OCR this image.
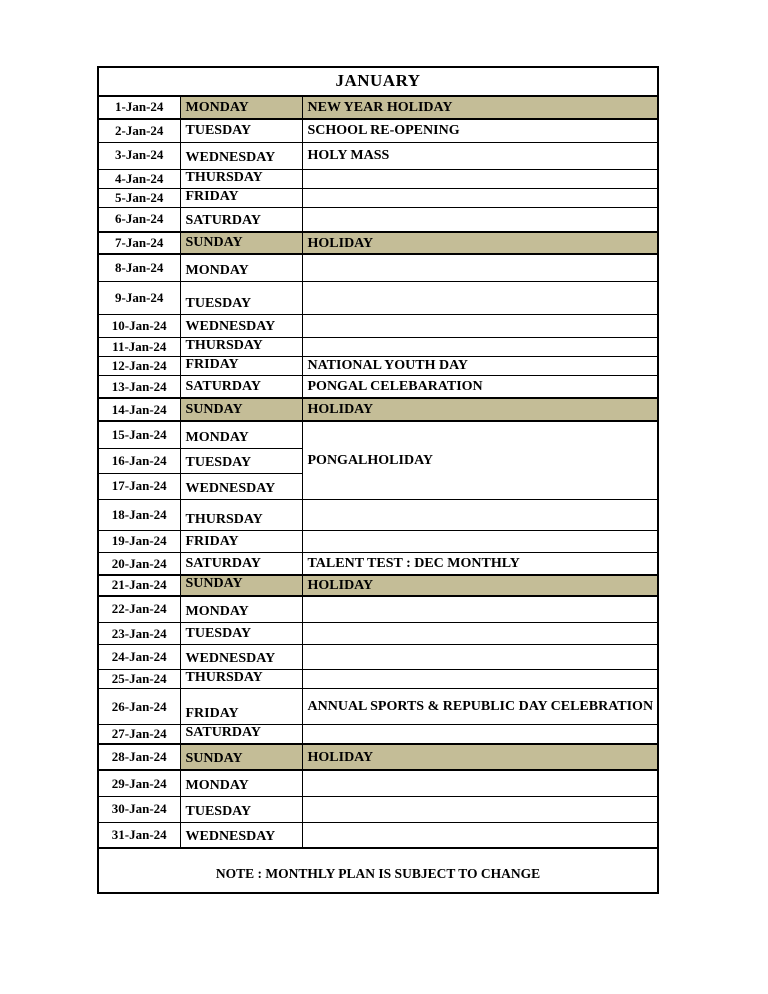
JANUARY		
1-Jan-24	MONDAY	NEW YEAR HOLIDAY
2-Jan-24	TUESDAY	SCHOOL RE-OPENING
3-Jan-24	WEDNESDAY	HOLY MASS
4-Jan-24	THURSDAY	
5-Jan-24	FRIDAY	
6-Jan-24	SATURDAY	
7-Jan-24	SUNDAY	HOLIDAY
8-Jan-24	MONDAY	
9-Jan-24	TUESDAY	
10-Jan-24	WEDNESDAY	
11-Jan-24	THURSDAY	
12-Jan-24	FRIDAY	NATIONAL YOUTH DAY
13-Jan-24	SATURDAY	PONGAL CELEBARATION
14-Jan-24	SUNDAY	HOLIDAY
15-Jan-24	MONDAY	PONGALHOLIDAY
16-Jan-24	TUESDAY	
17-Jan-24	WEDNESDAY	
18-Jan-24	THURSDAY	
19-Jan-24	FRIDAY	
20-Jan-24	SATURDAY	TALENT TEST : DEC MONTHLY
21-Jan-24	SUNDAY	HOLIDAY
22-Jan-24	MONDAY	
23-Jan-24	TUESDAY	
24-Jan-24	WEDNESDAY	
25-Jan-24	THURSDAY	
26-Jan-24	FRIDAY	ANNUAL SPORTS & REPUBLIC DAY CELEBRATION
27-Jan-24	SATURDAY	
28-Jan-24	SUNDAY	HOLIDAY
29-Jan-24	MONDAY	
30-Jan-24	TUESDAY	
31-Jan-24	WEDNESDAY	
NOTE : MONTHLY PLAN IS SUBJECT TO CHANGE		
